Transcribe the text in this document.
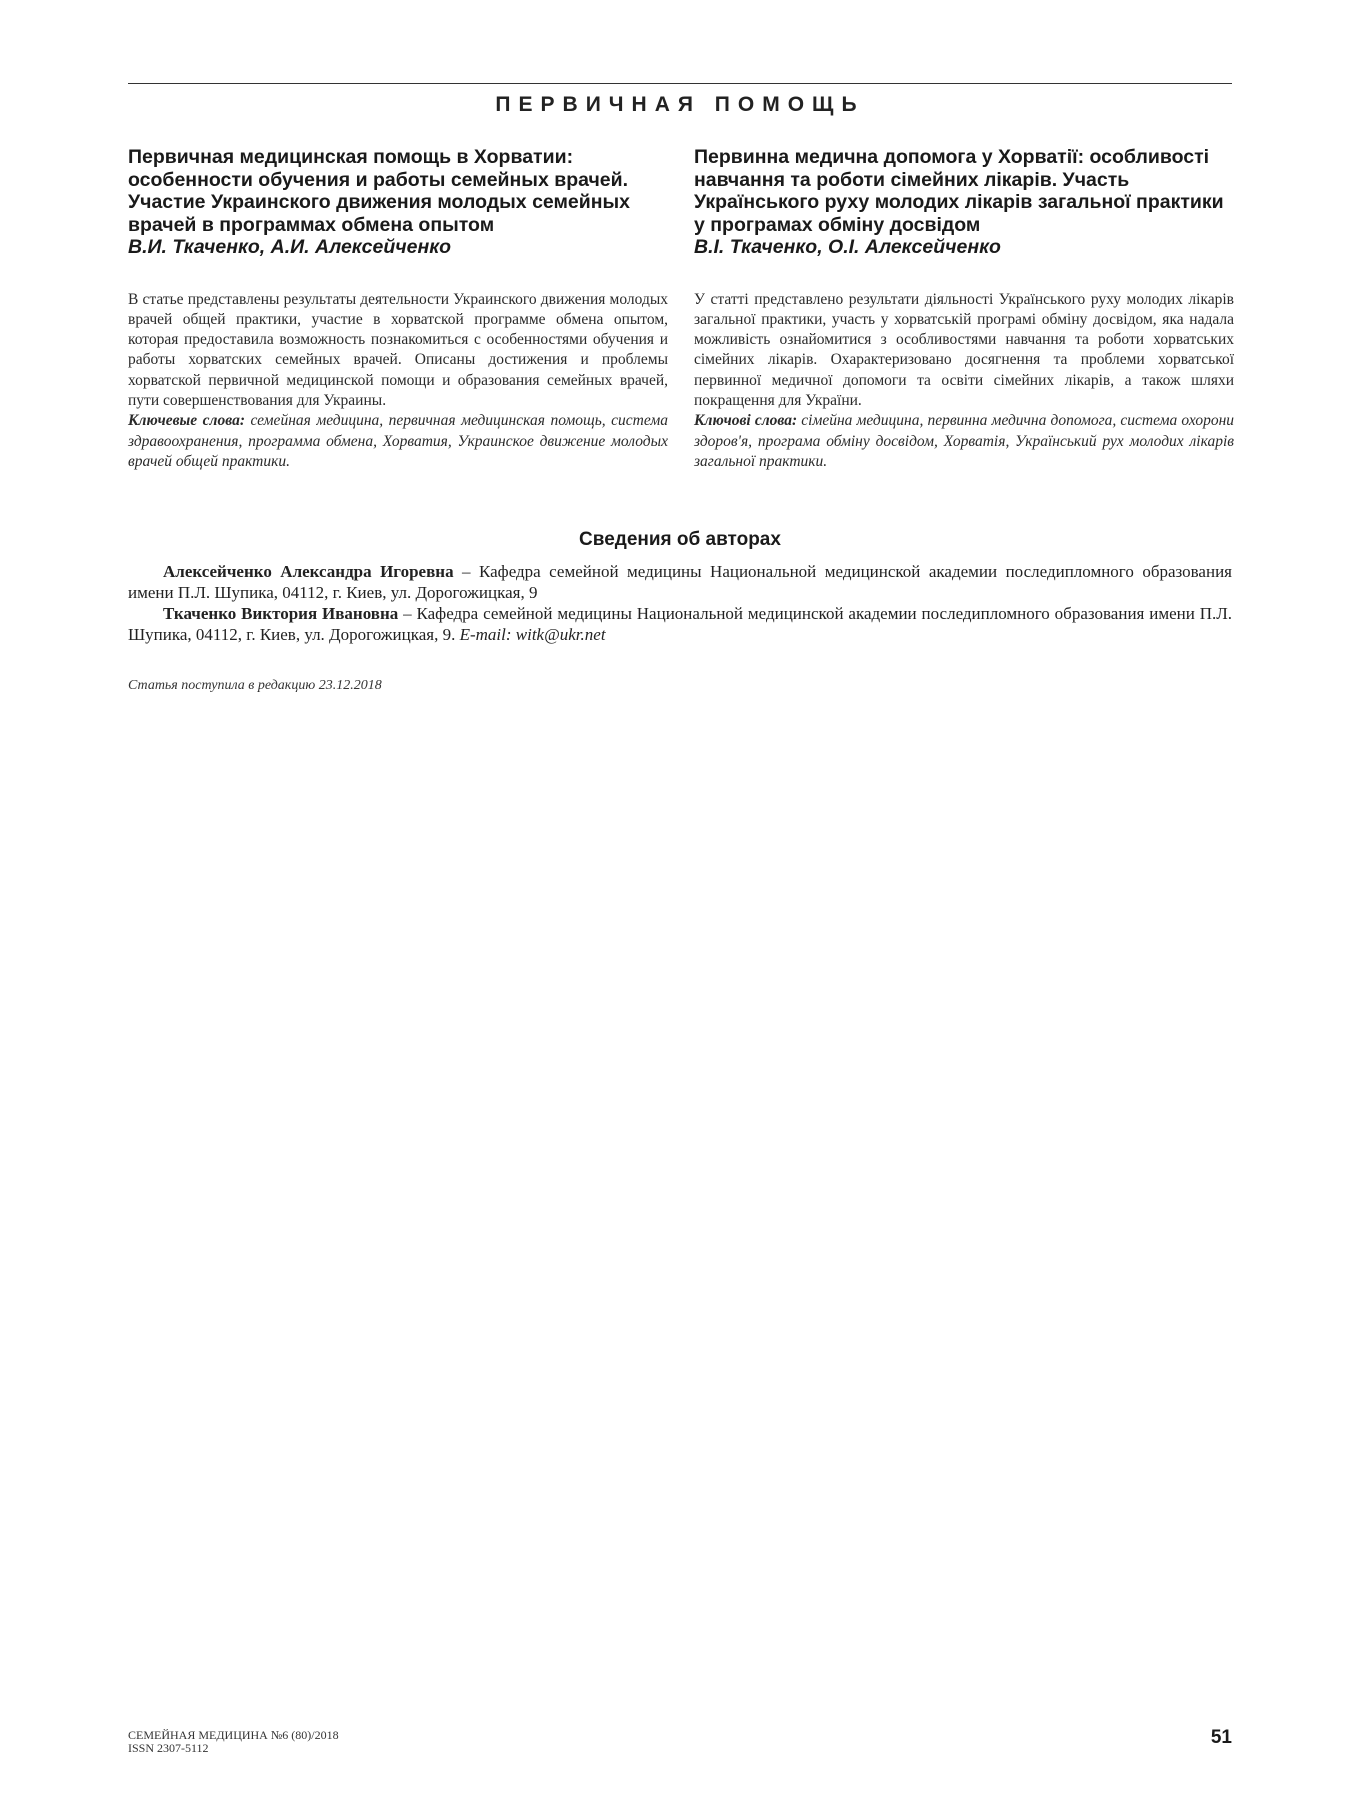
ПЕРВИЧНАЯ ПОМОЩЬ

Первичная медицинская помощь в Хорватии: особенности обучения и работы семейных врачей. Участие Украинского движения молодых семейных врачей в программах обмена опытом

В.И. Ткаченко, А.И. Алексейченко

В статье представлены результаты деятельности Украинского движения молодых врачей общей практики, участие в хорватской программе обмена опытом, которая предоставила возможность познакомиться с особенностями обучения и работы хорватских семейных врачей. Описаны достижения и проблемы хорватской первичной медицинской помощи и образования семейных врачей, пути совершенствования для Украины.
Ключевые слова: семейная медицина, первичная медицинская помощь, система здравоохранения, программа обмена, Хорватия, Украинское движение молодых врачей общей практики.

Первинна медична допомога у Хорватії: особливості навчання та роботи сімейних лікарів. Участь Українського руху молодих лікарів загальної практики у програмах обміну досвідом

В.І. Ткаченко, О.І. Алексейченко

У статті представлено результати діяльності Українського руху молодих лікарів загальної практики, участь у хорватській програмі обміну досвідом, яка надала можливість ознайомитися з особливостями навчання та роботи хорватських сімейних лікарів. Охарактеризовано досягнення та проблеми хорватської первинної медичної допомоги та освіти сімейних лікарів, а також шляхи покращення для України.
Ключові слова: сімейна медицина, первинна медична допомога, система охорони здоров'я, програма обміну досвідом, Хорватія, Український рух молодих лікарів загальної практики.
Сведения об авторах

Алексейченко Александра Игоревна – Кафедра семейной медицины Национальной медицинской академии последипломного образования имени П.Л. Шупика, 04112, г. Киев, ул. Дорогожицкая, 9

Ткаченко Виктория Ивановна – Кафедра семейной медицины Национальной медицинской академии последипломного образования имени П.Л. Шупика, 04112, г. Киев, ул. Дорогожицкая, 9. E-mail: witk@ukr.net

Статья поступила в редакцию 23.12.2018
СЕМЕЙНАЯ МЕДИЦИНА №6 (80)/2018
ISSN 2307-5112	51
